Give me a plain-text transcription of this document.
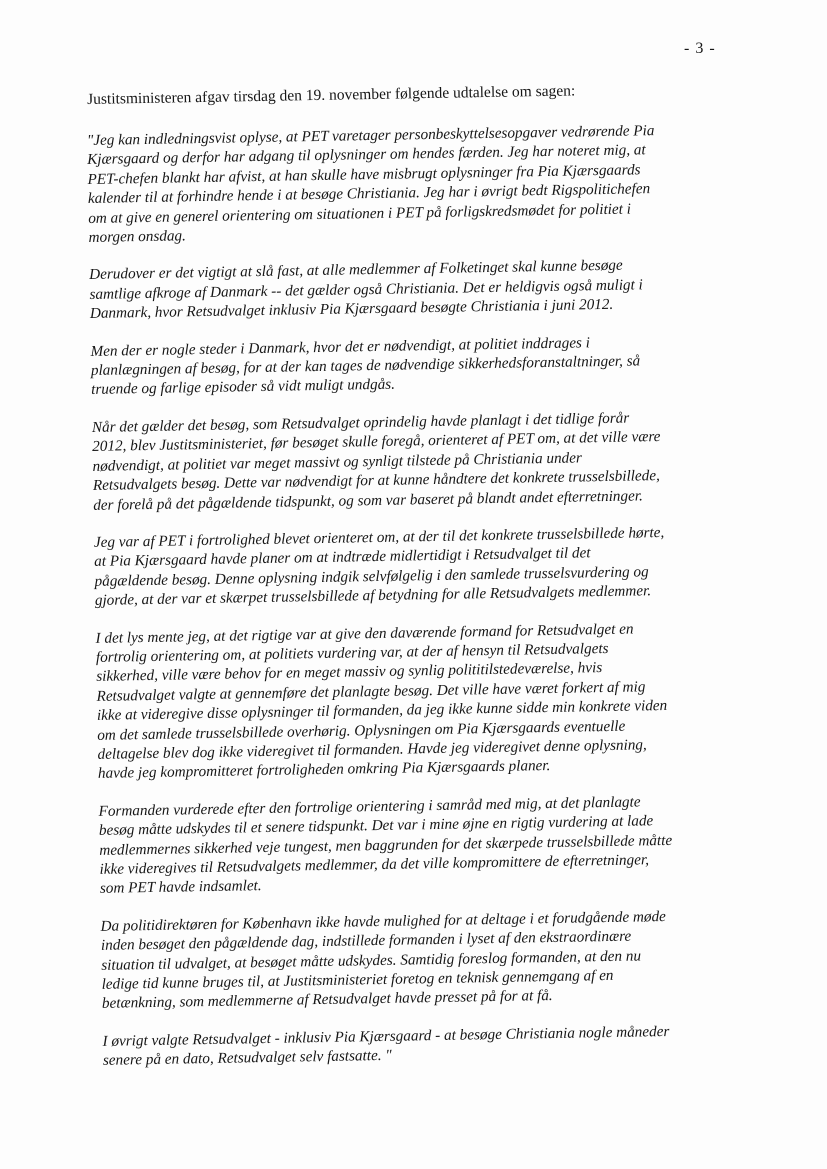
- 3 -

Justitsministeren afgav tirsdag den 19. november følgende udtalelse om sagen:

"Jeg kan indledningsvist oplyse, at PET varetager personbeskyttelsesopgaver vedrørende Pia
Kjærsgaard og derfor har adgang til oplysninger om hendes færden. Jeg har noteret mig, at
PET-chefen blankt har afvist, at han skulle have misbrugt oplysninger fra Pia Kjærsgaards
kalender til at forhindre hende i at besøge Christiania. Jeg har i øvrigt bedt Rigspolitichefen
om at give en generel orientering om situationen i PET på forligskredsmødet for politiet i
morgen onsdag.

Derudover er det vigtigt at slå fast, at alle medlemmer af Folketinget skal kunne besøge
samtlige afkroge af Danmark -- det gælder også Christiania. Det er heldigvis også muligt i
Danmark, hvor Retsudvalget inklusiv Pia Kjærsgaard besøgte Christiania i juni 2012.

Men der er nogle steder i Danmark, hvor det er nødvendigt, at politiet inddrages i
planlægningen af besøg, for at der kan tages de nødvendige sikkerhedsforanstaltninger, så
truende og farlige episoder så vidt muligt undgås.

Når det gælder det besøg, som Retsudvalget oprindelig havde planlagt i det tidlige forår
2012, blev Justitsministeriet, før besøget skulle foregå, orienteret af PET om, at det ville være
nødvendigt, at politiet var meget massivt og synligt tilstede på Christiania under
Retsudvalgets besøg. Dette var nødvendigt for at kunne håndtere det konkrete trusselsbillede,
der forelå på det pågældende tidspunkt, og som var baseret på blandt andet efterretninger.

Jeg var af PET i fortrolighed blevet orienteret om, at der til det konkrete trusselsbillede hørte,
at Pia Kjærsgaard havde planer om at indtræde midlertidigt i Retsudvalget til det
pågældende besøg. Denne oplysning indgik selvfølgelig i den samlede trusselsvurdering og
gjorde, at der var et skærpet trusselsbillede af betydning for alle Retsudvalgets medlemmer.

I det lys mente jeg, at det rigtige var at give den daværende formand for Retsudvalget en
fortrolig orientering om, at politiets vurdering var, at der af hensyn til Retsudvalgets
sikkerhed, ville være behov for en meget massiv og synlig polititilstedeværelse, hvis
Retsudvalget valgte at gennemføre det planlagte besøg. Det ville have været forkert af mig
ikke at videregive disse oplysninger til formanden, da jeg ikke kunne sidde min konkrete viden
om det samlede trusselsbillede overhørig. Oplysningen om Pia Kjærsgaards eventuelle
deltagelse blev dog ikke videregivet til formanden. Havde jeg videregivet denne oplysning,
havde jeg kompromitteret fortroligheden omkring Pia Kjærsgaards planer.

Formanden vurderede efter den fortrolige orientering i samråd med mig, at det planlagte
besøg måtte udskydes til et senere tidspunkt. Det var i mine øjne en rigtig vurdering at lade
medlemmernes sikkerhed veje tungest, men baggrunden for det skærpede trusselsbillede måtte
ikke videregives til Retsudvalgets medlemmer, da det ville kompromittere de efterretninger,
som PET havde indsamlet.

Da politidirektøren for København ikke havde mulighed for at deltage i et forudgående møde
inden besøget den pågældende dag, indstillede formanden i lyset af den ekstraordinære
situation til udvalget, at besøget måtte udskydes. Samtidig foreslog formanden, at den nu
ledige tid kunne bruges til, at Justitsministeriet foretog en teknisk gennemgang af en
betænkning, som medlemmerne af Retsudvalget havde presset på for at få.

I øvrigt valgte Retsudvalget - inklusiv Pia Kjærsgaard - at besøge Christiania nogle måneder
senere på en dato, Retsudvalget selv fastsatte. "
